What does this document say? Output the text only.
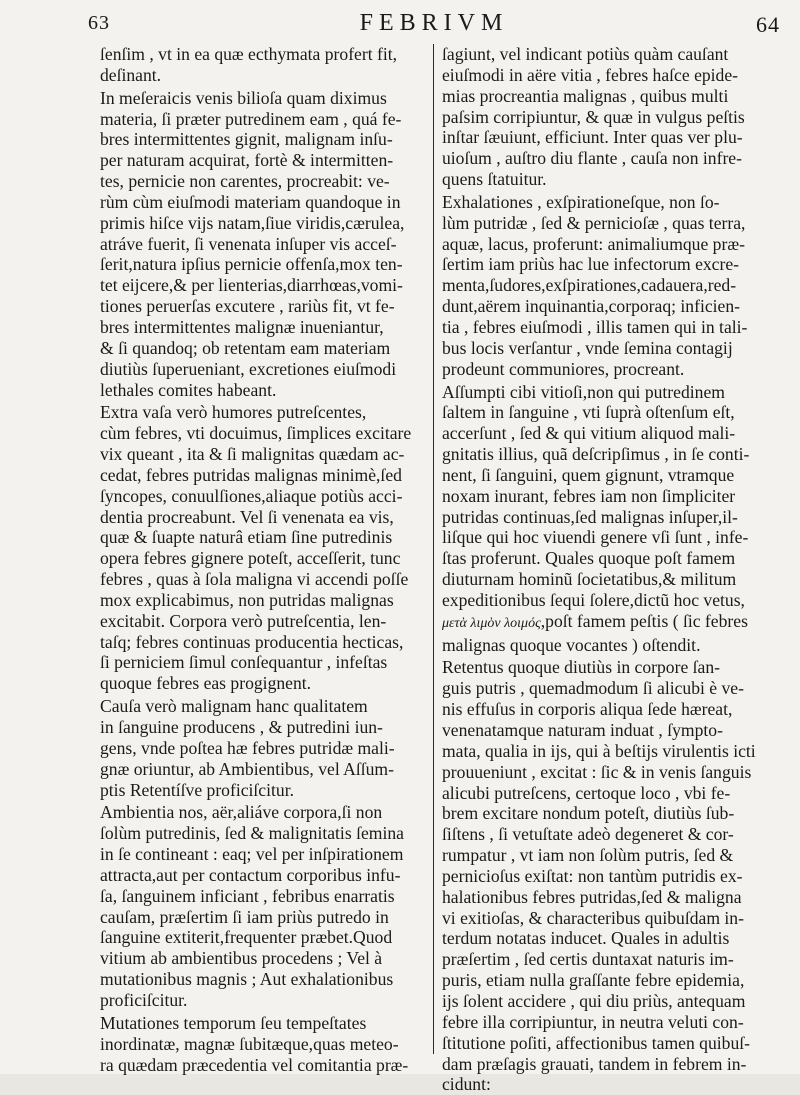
63	FEBRIVM	64
ſenſim , vt in ea quæ ecthymata profert fit,
deſinant.
In meſeraicis venis bilioſa quam diximus
materia, ſi præter putredinem eam , quá fe-
bres intermittentes gignit, malignam inſu-
per naturam acquirat, fortè & intermitten-
tes, pernicie non carentes, procreabit: ve-
rùm cùm eiuſmodi materiam quandoque in
primis hiſce vijs natam,ſiue viridis,cærulea,
atráve fuerit, ſi venenata inſuper vis acceſ-
ſerit,natura ipſius pernicie offenſa,mox ten-
tet eijcere,& per lienterias,diarrhœas,vomi-
tiones peruerſas excutere , rariùs fit, vt fe-
bres intermittentes malignæ inueniantur,
& ſi quandoq; ob retentam eam materiam
diutiùs ſuperueniant, excretiones eiuſmodi
lethales comites habeant.
Extra vaſa verò humores putreſcentes,
cùm febres, vti docuimus, ſimplices excitare
vix queant , ita & ſi malignitas quædam ac-
cedat, febres putridas malignas minimè,ſed
ſyncopes, conuulſiones,aliaque potiùs acci-
dentia procreabunt. Vel ſi venenata ea vis,
quæ & ſuapte naturâ etiam ſine putredinis
opera febres gignere poteſt, acceſſerit, tunc
febres , quas à ſola maligna vi accendi poſſe
mox explicabimus, non putridas malignas
excitabit. Corpora verò putreſcentia, len-
taſq; febres continuas producentia hecticas,
ſi perniciem ſimul conſequantur , infeſtas
quoque febres eas progignent.
Cauſa verò malignam hanc qualitatem
in ſanguine producens , & putredini iun-
gens, vnde poſtea hæ febres putridæ mali-
gnæ oriuntur, ab Ambientibus, vel Aſſum-
ptis Retentíſve proficiſcitur.
Ambientia nos, aër,aliáve corpora,ſi non
ſolùm putredinis, ſed & malignitatis ſemina
in ſe contineant : eaq; vel per inſpirationem
attracta,aut per contactum corporibus infu-
ſa, ſanguinem inficiant , febribus enarratis
cauſam, præſertim ſi iam priùs putredo in
ſanguine extiterit,frequenter præbet.Quod
vitium ab ambientibus procedens ; Vel à
mutationibus magnis ; Aut exhalationibus
proficiſcitur.
Mutationes temporum ſeu tempeſtates
inordinatæ, magnæ ſubitæque,quas meteo-
ra quædam præcedentia vel comitantia præ-
ſagiunt, vel indicant potiùs quàm cauſant
eiuſmodi in aëre vitia , febres haſce epide-
mias procreantia malignas , quibus multi
paſsim corripiuntur, & quæ in vulgus peſtis
inſtar ſæuiunt, efficiunt. Inter quas ver plu-
uioſum , auſtro diu flante , cauſa non infre-
quens ſtatuitur.
Exhalationes , exſpirationeſque, non ſo-
lùm putridæ , ſed & pernicioſæ , quas terra,
aquæ, lacus, proferunt: animaliumque præ-
ſertim iam priùs hac lue infectorum excre-
menta,ſudores,exſpirationes,cadauera,red-
dunt,aërem inquinantia,corporaq; inficien-
tia , febres eiuſmodi , illis tamen qui in tali-
bus locis verſantur , vnde ſemina contagij
prodeunt communiores, procreant.
Aſſumpti cibi vitioſi,non qui putredinem
ſaltem in ſanguine , vti ſuprà oſtenſum eſt,
accerſunt , ſed & qui vitium aliquod mali-
gnitatis illius, quã deſcripſimus , in ſe conti-
nent, ſi ſanguini, quem gignunt, vtramque
noxam inurant, febres iam non ſimpliciter
putridas continuas,ſed malignas inſuper,il-
liſque qui hoc viuendi genere vſi ſunt , infe-
ſtas proferunt. Quales quoque poſt famem
diuturnam hominũ ſocietatibus,& militum
expeditionibus ſequi ſolere,dictũ hoc vetus,
μετὰ λιμὸν λοιμός,poſt famem peſtis ( ſic febres
malignas quoque vocantes ) oſtendit.
Retentus quoque diutiùs in corpore ſan-
guis putris , quemadmodum ſi alicubi è ve-
nis effuſus in corporis aliqua ſede hæreat,
venenatamque naturam induat , ſympto-
mata, qualia in ijs, qui à beſtijs virulentis icti
prouueniunt , excitat : ſic & in venis ſanguis
alicubi putreſcens, certoque loco , vbi fe-
brem excitare nondum poteſt, diutiùs ſub-
ſiſtens , ſi vetuſtate adeò degeneret & cor-
rumpatur , vt iam non ſolùm putris, ſed &
pernicioſus exiſtat: non tantùm putridis ex-
halationibus febres putridas,ſed & maligna
vi exitioſas, & characteribus quibuſdam in-
terdum notatas inducet. Quales in adultis
præſertim , ſed certis duntaxat naturis im-
puris, etiam nulla graſſante febre epidemia,
ijs ſolent accidere , qui diu priùs, antequam
febre illa corripiuntur, in neutra veluti con-
ſtitutione poſiti, affectionibus tamen quibuſ-
dam præſagis grauati, tandem in febrem in-
cidunt:
